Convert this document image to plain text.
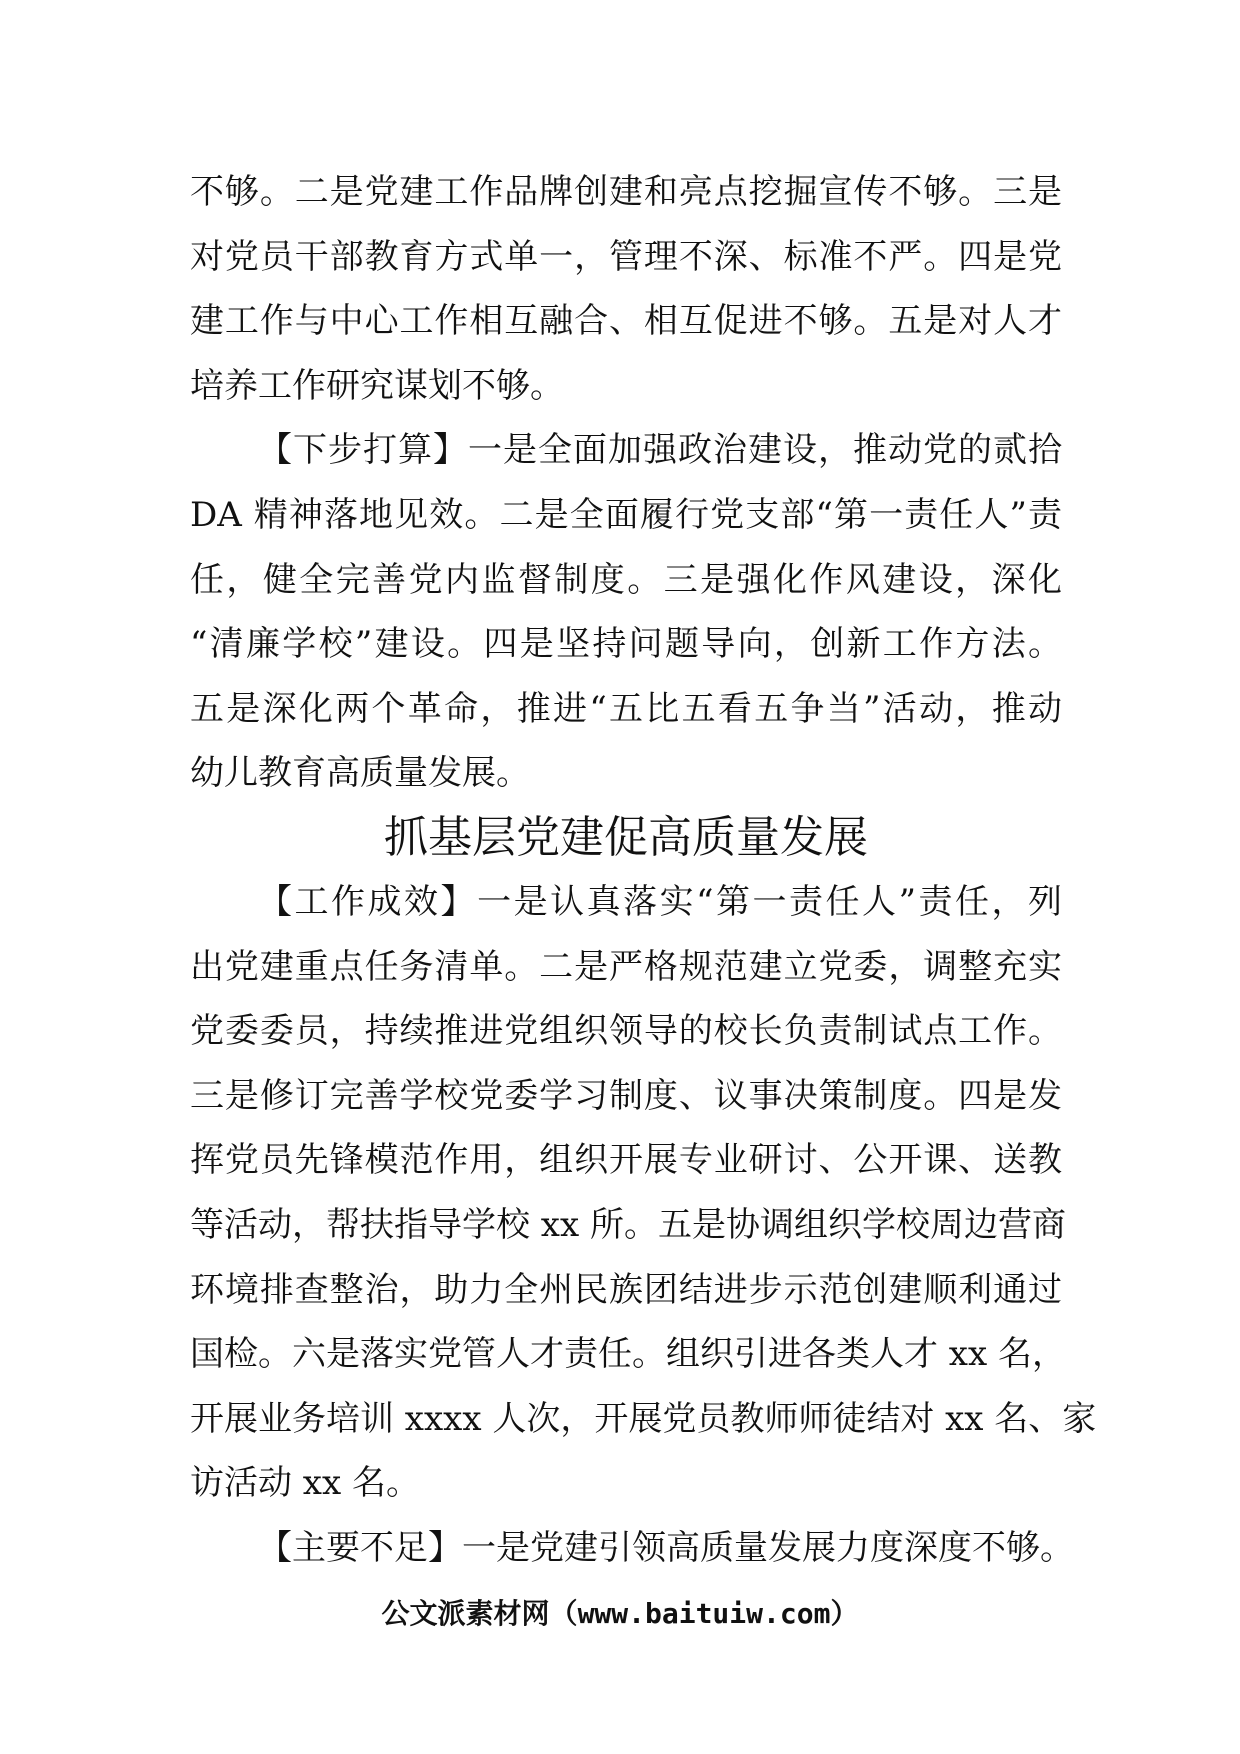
不够。二是党建工作品牌创建和亮点挖掘宣传不够。三是
对党员干部教育方式单一，管理不深、标准不严。四是党
建工作与中心工作相互融合、相互促进不够。五是对人才
培养工作研究谋划不够。
【下步打算】一是全面加强政治建设，推动党的贰拾
DA 精神落地见效。二是全面履行党支部“第一责任人”责
任，健全完善党内监督制度。三是强化作风建设，深化
“清廉学校”建设。四是坚持问题导向，创新工作方法。
五是深化两个革命，推进“五比五看五争当”活动，推动
幼儿教育高质量发展。
抓基层党建促高质量发展
【工作成效】一是认真落实“第一责任人”责任，列
出党建重点任务清单。二是严格规范建立党委，调整充实
党委委员，持续推进党组织领导的校长负责制试点工作。
三是修订完善学校党委学习制度、议事决策制度。四是发
挥党员先锋模范作用，组织开展专业研讨、公开课、送教
等活动，帮扶指导学校 xx 所。五是协调组织学校周边营商
环境排查整治，助力全州民族团结进步示范创建顺利通过
国检。六是落实党管人才责任。组织引进各类人才 xx 名，
开展业务培训 xxxx 人次，开展党员教师师徒结对 xx 名、家
访活动 xx 名。
【主要不足】一是党建引领高质量发展力度深度不够。
公文派素材网（www.baituiw.com）
